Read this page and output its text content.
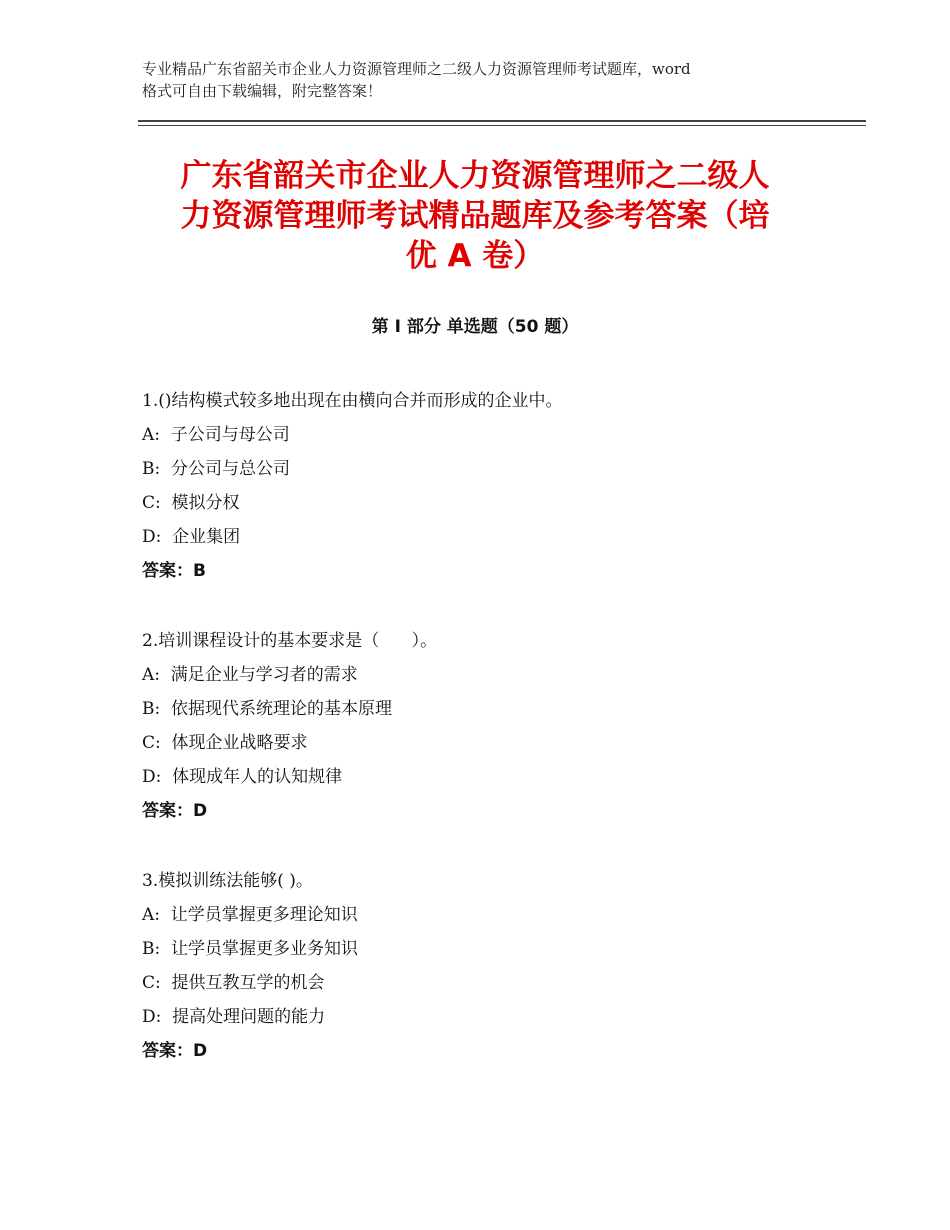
专业精品广东省韶关市企业人力资源管理师之二级人力资源管理师考试题库，word
格式可自由下载编辑，附完整答案！
广东省韶关市企业人力资源管理师之二级人
力资源管理师考试精品题库及参考答案（培
优 A 卷）
第 I 部分 单选题（50 题）
1.()结构模式较多地出现在由横向合并而形成的企业中。
A:  子公司与母公司
B:  分公司与总公司
C:  模拟分权
D:  企业集团
答案：B
2.培训课程设计的基本要求是（      ）。
A:  满足企业与学习者的需求
B:  依据现代系统理论的基本原理
C:  体现企业战略要求
D:  体现成年人的认知规律
答案：D
3.模拟训练法能够( )。
A:  让学员掌握更多理论知识
B:  让学员掌握更多业务知识
C:  提供互教互学的机会
D:  提高处理问题的能力
答案：D
